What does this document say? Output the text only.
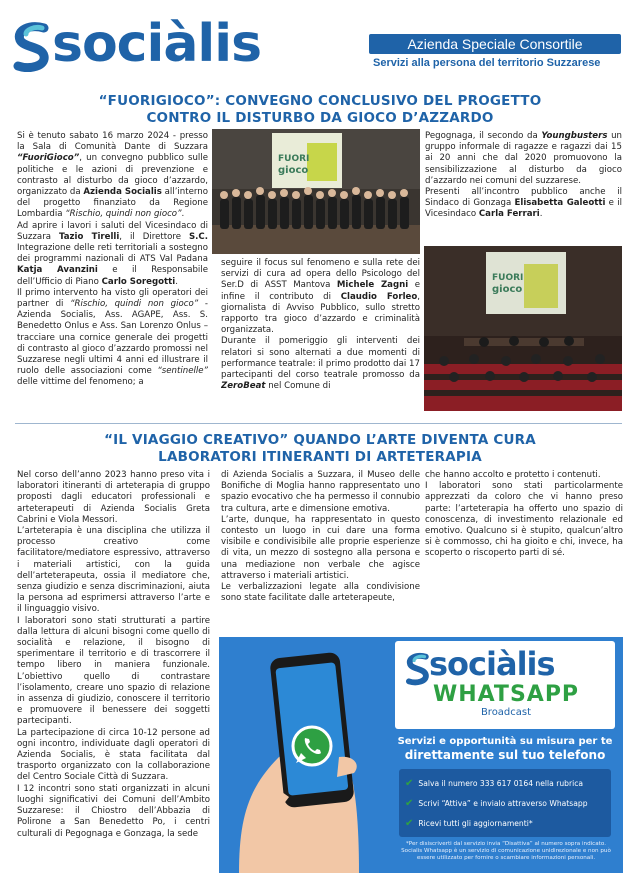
sociàlis	Azienda Speciale Consortile
Servizi alla persona del territorio Suzzarese
“FUORIGIOCO”: CONVEGNO CONCLUSIVO DEL PROGETTO
CONTRO IL DISTURBO DA GIOCO D’AZZARDO
Si è tenuto sabato 16 marzo 2024 - presso la Sala di Comunità Dante di Suzzara “FuoriGioco”, un convegno pubblico sulle politiche e le azioni di prevenzione e contrasto al disturbo da gioco d’azzardo, organizzato da Azienda Socialis all’interno del progetto finanziato da Regione Lombardia “Rischio, quindi non gioco”.
Ad aprire i lavori i saluti del Vicesindaco di Suzzara Tazio Tirelli, il Direttore S.C. Integrazione delle reti territoriali a sostegno dei programmi nazionali di ATS Val Padana Katja Avanzini e il Responsabile dell’Ufficio di Piano Carlo Soregotti.
Il primo intervento ha visto gli operatori dei partner di “Rischio, quindi non gioco” - Azienda Socialis, Ass. AGAPE, Ass. S. Benedetto Onlus e Ass. San Lorenzo Onlus – tracciare una cornice generale dei progetti di contrasto al gioco d’azzardo promossi nel Suzzarese negli ultimi 4 anni ed illustrare il ruolo delle associazioni come “sentinelle” delle vittime del fenomeno; a
FUORI
gioco
seguire il focus sul fenomeno e sulla rete dei servizi di cura ad opera dello Psicologo del Ser.D di ASST Mantova Michele Zagni e infine il contributo di Claudio Forleo, giornalista di Avviso Pubblico, sullo stretto rapporto tra gioco d’azzardo e criminalità organizzata.
Durante il pomeriggio gli interventi dei relatori si sono alternati a due momenti di performance teatrale: il primo prodotto dai 17 partecipanti del corso teatrale promosso da ZeroBeat nel Comune di
Pegognaga, il secondo da Youngbusters un gruppo informale di ragazze e ragazzi dai 15 ai 20 anni che dal 2020 promuovono la sensibilizzazione al disturbo da gioco d’azzardo nei comuni del suzzarese.
Presenti all’incontro pubblico anche il Sindaco di Gonzaga Elisabetta Galeotti e il Vicesindaco Carla Ferrari.
FUORI
gioco
“IL VIAGGIO CREATIVO” QUANDO L’ARTE DIVENTA CURA
LABORATORI ITINERANTI DI ARTETERAPIA
Nel corso dell’anno 2023 hanno preso vita i laboratori itineranti di arteterapia di gruppo proposti dagli educatori professionali e arteterapeuti di Azienda Socialis Greta Cabrini e Viola Messori.
L’arteterapia è una disciplina che utilizza il processo creativo come facilitatore/mediatore espressivo, attraverso i materiali artistici, con la guida dell’arteterapeuta, ossia il mediatore che, senza giudizio e senza discriminazioni, aiuta la persona ad esprimersi attraverso l’arte e il linguaggio visivo.
I laboratori sono stati strutturati a partire dalla lettura di alcuni bisogni come quello di socialità e relazione, il bisogno di sperimentare il territorio e di trascorrere il tempo libero in maniera funzionale. L’obiettivo quello di contrastare l’isolamento, creare uno spazio di relazione in assenza di giudizio, conoscere il territorio e promuovere il benessere dei soggetti partecipanti.
La partecipazione di circa 10-12 persone ad ogni incontro, individuate dagli operatori di Azienda Socialis, è stata facilitata dal trasporto organizzato con la collaborazione del Centro Sociale Città di Suzzara.
I 12 incontri sono stati organizzati in alcuni luoghi significativi dei Comuni dell’Ambito Suzzarese: il Chiostro dell’Abbazia di Polirone a San Benedetto Po, i centri culturali di Pegognaga e Gonzaga, la sede
di Azienda Socialis a Suzzara, il Museo delle Bonifiche di Moglia hanno rappresentato uno spazio evocativo che ha permesso il connubio tra cultura, arte e dimensione emotiva.
L’arte, dunque, ha rappresentato in questo contesto un luogo in cui dare una forma visibile e condivisibile alle proprie esperienze di vita, un mezzo di sostegno alla persona e una mediazione non verbale che agisce attraverso i materiali artistici.
Le verbalizzazioni legate alla condivisione sono state facilitate dalle arteterapeute,
che hanno accolto e protetto i contenuti.
I laboratori sono stati particolarmente apprezzati da coloro che vi hanno preso parte: l’arteterapia ha offerto uno spazio di conoscenza, di investimento relazionale ed emotivo. Qualcuno si è stupito, qualcun’altro si è commosso, chi ha gioito e chi, invece, ha scoperto o riscoperto parti di sé.
sociàlis
WHATSAPP
Broadcast
Servizi e opportunità su misura per te
direttamente sul tuo telefono
✔ Salva il numero 333 617 0164 nella rubrica
✔ Scrivi “Attiva” e invialo attraverso Whatsapp
✔ Ricevi tutti gli aggiornamenti*
*Per disiscriverti dal servizio invia “Disattiva” al numero sopra indicato. Socialis Whatsapp è un servizio di comunicazione unidirezionale e non può essere utilizzato per fornire o scambiare informazioni personali.
